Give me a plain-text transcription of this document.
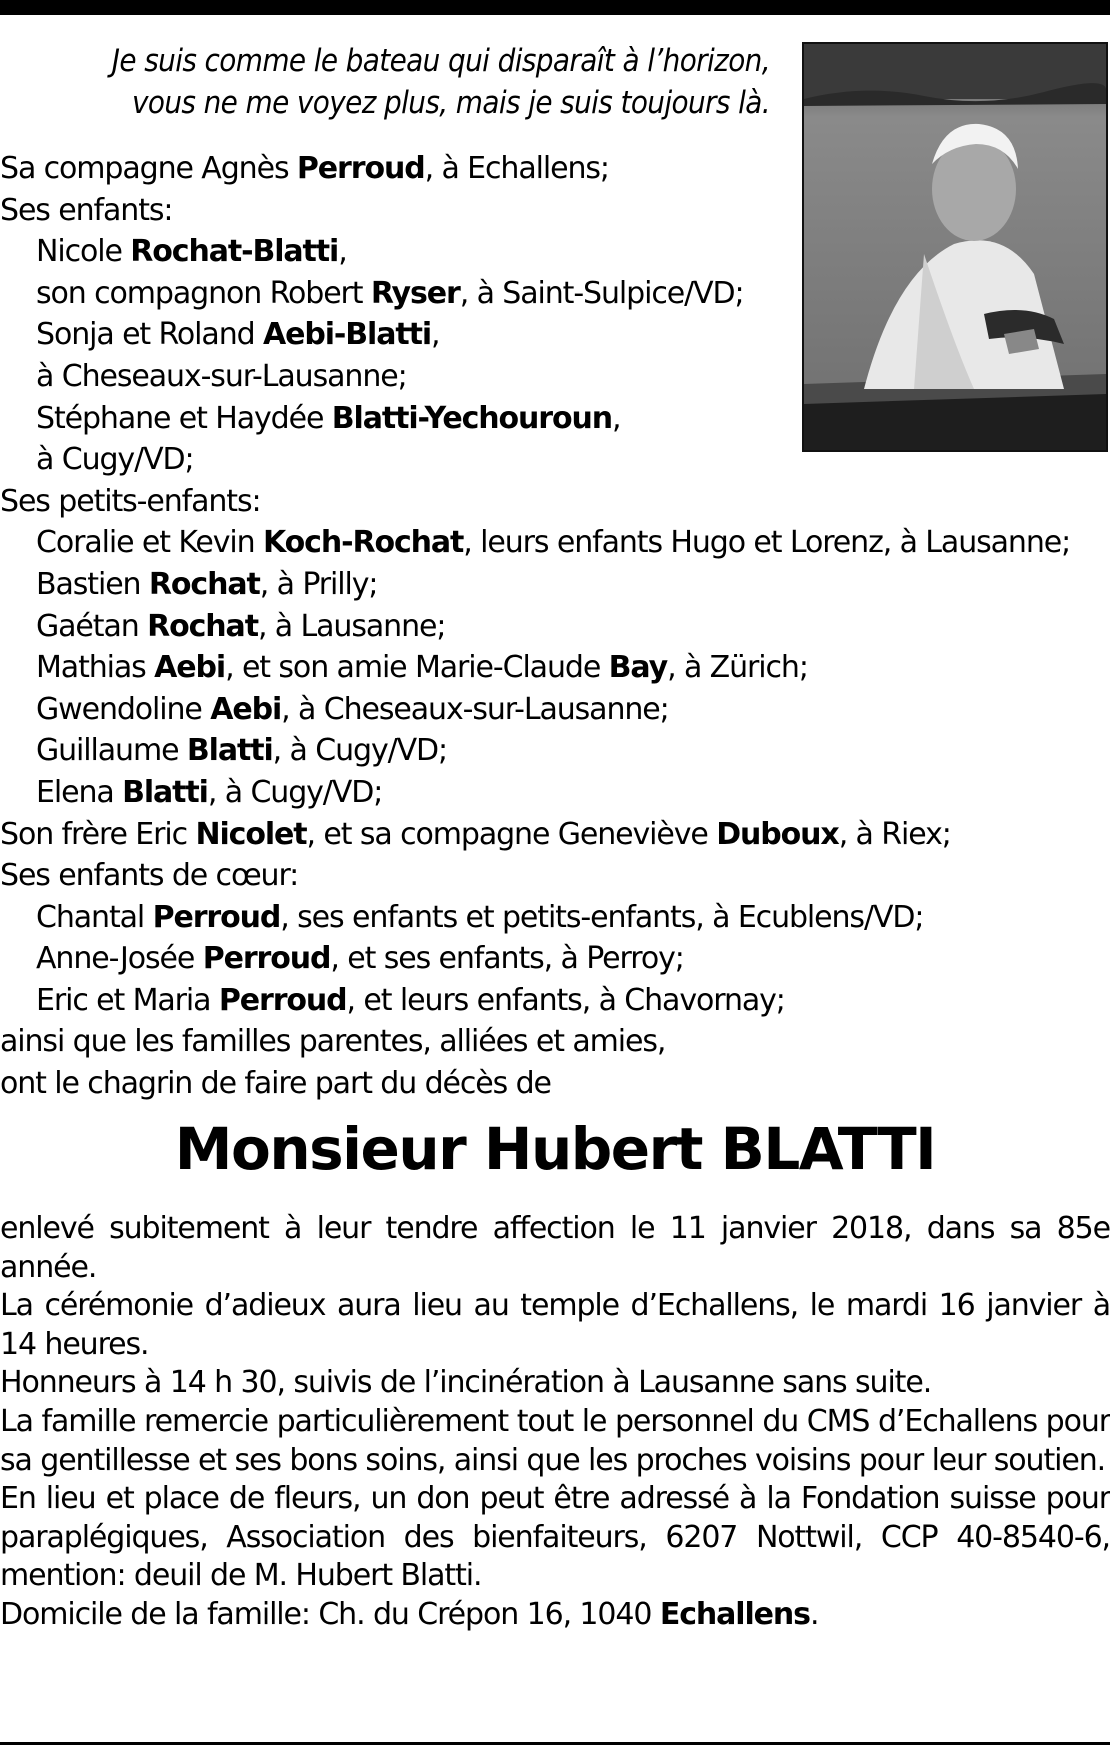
Je suis comme le bateau qui disparaît à l’horizon,
vous ne me voyez plus, mais je suis toujours là.
Sa compagne Agnès Perroud, à Echallens;
Ses enfants:
Nicole Rochat-Blatti,
son compagnon Robert Ryser, à Saint-Sulpice/VD;
Sonja et Roland Aebi-Blatti,
à Cheseaux-sur-Lausanne;
Stéphane et Haydée Blatti-Yechouroun,
à Cugy/VD;
Ses petits-enfants:
Coralie et Kevin Koch-Rochat, leurs enfants Hugo et Lorenz, à Lausanne;
Bastien Rochat, à Prilly;
Gaétan Rochat, à Lausanne;
Mathias Aebi, et son amie Marie-Claude Bay, à Zürich;
Gwendoline Aebi, à Cheseaux-sur-Lausanne;
Guillaume Blatti, à Cugy/VD;
Elena Blatti, à Cugy/VD;
Son frère Eric Nicolet, et sa compagne Geneviève Duboux, à Riex;
Ses enfants de cœur:
Chantal Perroud, ses enfants et petits-enfants, à Ecublens/VD;
Anne-Josée Perroud, et ses enfants, à Perroy;
Eric et Maria Perroud, et leurs enfants, à Chavornay;
ainsi que les familles parentes, alliées et amies,
ont le chagrin de faire part du décès de
Monsieur Hubert BLATTI
enlevé subitement à leur tendre affection le 11 janvier 2018, dans sa 85e année.
La cérémonie d’adieux aura lieu au temple d’Echallens, le mardi 16 janvier à 14 heures.
Honneurs à 14 h 30, suivis de l’incinération à Lausanne sans suite.
La famille remercie particulièrement tout le personnel du CMS d’Echallens pour sa gentillesse et ses bons soins, ainsi que les proches voisins pour leur soutien.
En lieu et place de fleurs, un don peut être adressé à la Fondation suisse pour paraplégiques, Association des bienfaiteurs, 6207 Nottwil, CCP 40-8540-6, mention: deuil de M. Hubert Blatti.
Domicile de la famille: Ch. du Crépon 16, 1040 Echallens.
